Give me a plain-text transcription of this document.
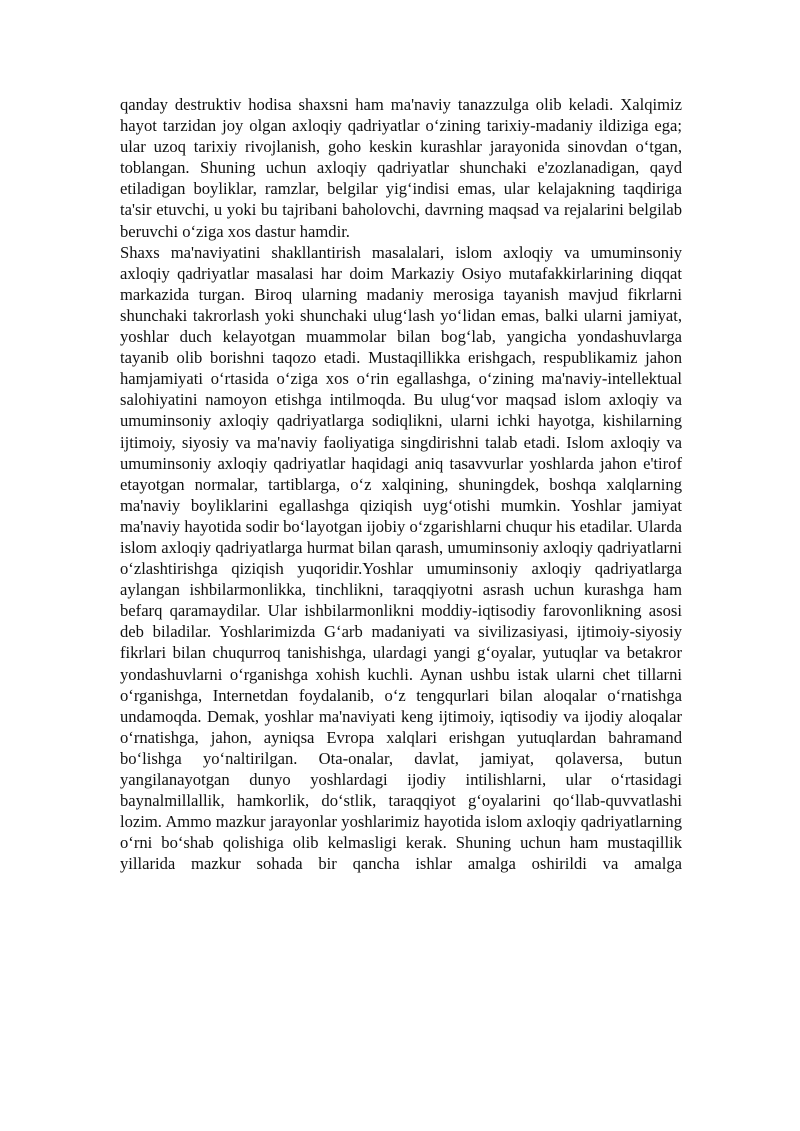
qanday destruktiv hodisa shaxsni ham ma'naviy tanazzulga olib keladi. Xalqimiz hayot tarzidan joy olgan axloqiy qadriyatlar o‘zining tarixiy-madaniy ildiziga ega; ular uzoq tarixiy rivojlanish, goho keskin kurashlar jarayonida sinovdan o‘tgan, toblangan. Shuning uchun axloqiy qadriyatlar shunchaki e'zozlanadigan, qayd etiladigan boyliklar, ramzlar, belgilar yig‘indisi emas, ular kelajakning taqdiriga ta'sir etuvchi, u yoki bu tajribani baholovchi, davrning maqsad va rejalarini belgilab beruvchi o‘ziga xos dastur hamdir.

Shaxs ma'naviyatini shakllantirish masalalari, islom axloqiy va umuminsoniy axloqiy qadriyatlar masalasi har doim Markaziy Osiyo mutafakkirlarining diqqat markazida turgan. Biroq ularning madaniy merosiga tayanish mavjud fikrlarni shunchaki takrorlash yoki shunchaki ulug‘lash yo‘lidan emas, balki ularni jamiyat, yoshlar duch kelayotgan muammolar bilan bog‘lab, yangicha yondashuvlarga tayanib olib borishni taqozo etadi. Mustaqillikka erishgach, respublikamiz jahon hamjamiyati o‘rtasida o‘ziga xos o‘rin egallashga, o‘zining ma'naviy-intellektual salohiyatini namoyon etishga intilmoqda. Bu ulug‘vor maqsad islom axloqiy va umuminsoniy axloqiy qadriyatlarga sodiqlikni, ularni ichki hayotga, kishilarning ijtimoiy, siyosiy va ma'naviy faoliyatiga singdirishni talab etadi. Islom axloqiy va umuminsoniy axloqiy qadriyatlar haqidagi aniq tasavvurlar yoshlarda jahon e'tirof etayotgan normalar, tartiblarga, o‘z xalqining, shuningdek, boshqa xalqlarning ma'naviy boyliklarini egallashga qiziqish uyg‘otishi mumkin. Yoshlar jamiyat ma'naviy hayotida sodir bo‘layotgan ijobiy o‘zgarishlarni chuqur his etadilar. Ularda islom axloqiy qadriyatlarga hurmat bilan qarash, umuminsoniy axloqiy qadriyatlarni o‘zlashtirishga qiziqish yuqoridir.Yoshlar umuminsoniy axloqiy qadriyatlarga aylangan ishbilarmonlikka, tinchlikni, taraqqiyotni asrash uchun kurashga ham befarq qaramaydilar. Ular ishbilarmonlikni moddiy-iqtisodiy farovonlikning asosi deb biladilar. Yoshlarimizda G‘arb madaniyati va sivilizasiyasi, ijtimoiy-siyosiy fikrlari bilan chuqurroq tanishishga, ulardagi yangi g‘oyalar, yutuqlar va betakror yondashuvlarni o‘rganishga xohish kuchli. Aynan ushbu istak ularni chet tillarni o‘rganishga, Internetdan foydalanib, o‘z tengqurlari bilan aloqalar o‘rnatishga undamoqda. Demak, yoshlar ma'naviyati keng ijtimoiy, iqtisodiy va ijodiy aloqalar o‘rnatishga, jahon, ayniqsa Evropa xalqlari erishgan yutuqlardan bahramand bo‘lishga yo‘naltirilgan. Ota-onalar, davlat, jamiyat, qolaversa, butun yangilanayotgan dunyo yoshlardagi ijodiy intilishlarni, ular o‘rtasidagi baynalmillallik, hamkorlik, do‘stlik, taraqqiyot g‘oyalarini qo‘llab-quvvatlashi lozim. Ammo mazkur jarayonlar yoshlarimiz hayotida islom axloqiy qadriyatlarning o‘rni bo‘shab qolishiga olib kelmasligi kerak. Shuning uchun ham mustaqillik yillarida mazkur sohada bir qancha ishlar amalga oshirildi va amalga
